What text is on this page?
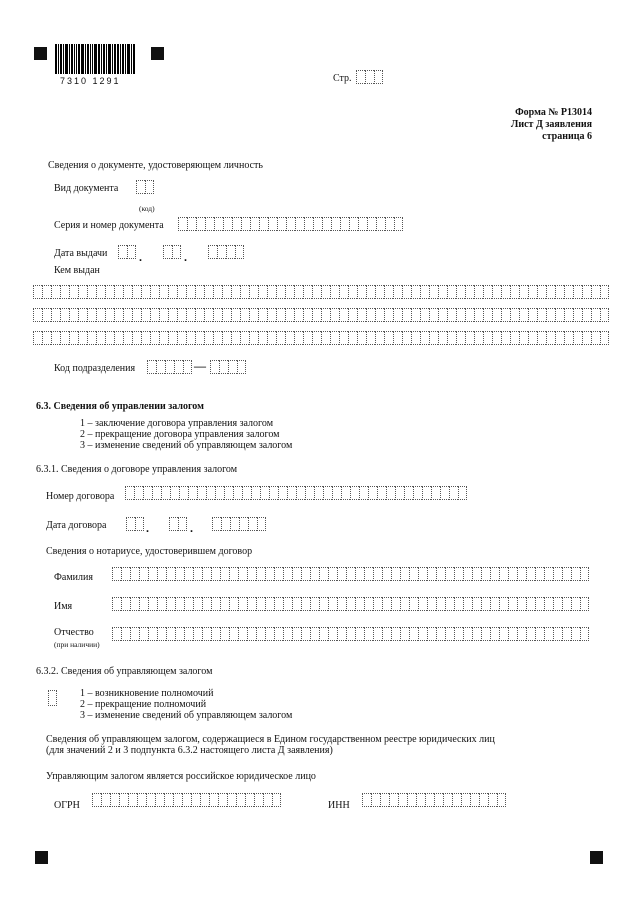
7310 1291	Стр.
Форма № Р13014
Лист Д заявления
страница 6
Сведения о документе, удостоверяющем личность
Вид документа
(код)
Серия и номер документа
Дата выдачи	.	.
Кем выдан
Код подразделения	—
6.3. Сведения об управлении залогом
1 – заключение договора управления залогом
2 – прекращение договора управления залогом
3 – изменение сведений об управляющем залогом
6.3.1. Сведения о договоре управления залогом
Номер договора
Дата договора	.	.
Сведения о нотариусе, удостоверившем договор
Фамилия
Имя
Отчество
(при наличии)
6.3.2. Сведения об управляющем залогом
1 – возникновение полномочий
2 – прекращение полномочий
3 – изменение сведений об управляющем залогом
Сведения об управляющем залогом, содержащиеся в Едином государственном реестре юридических лиц
(для значений 2 и 3 подпункта 6.3.2 настоящего листа Д заявления)
Управляющим залогом является российское юридическое лицо
ОГРН	ИНН
